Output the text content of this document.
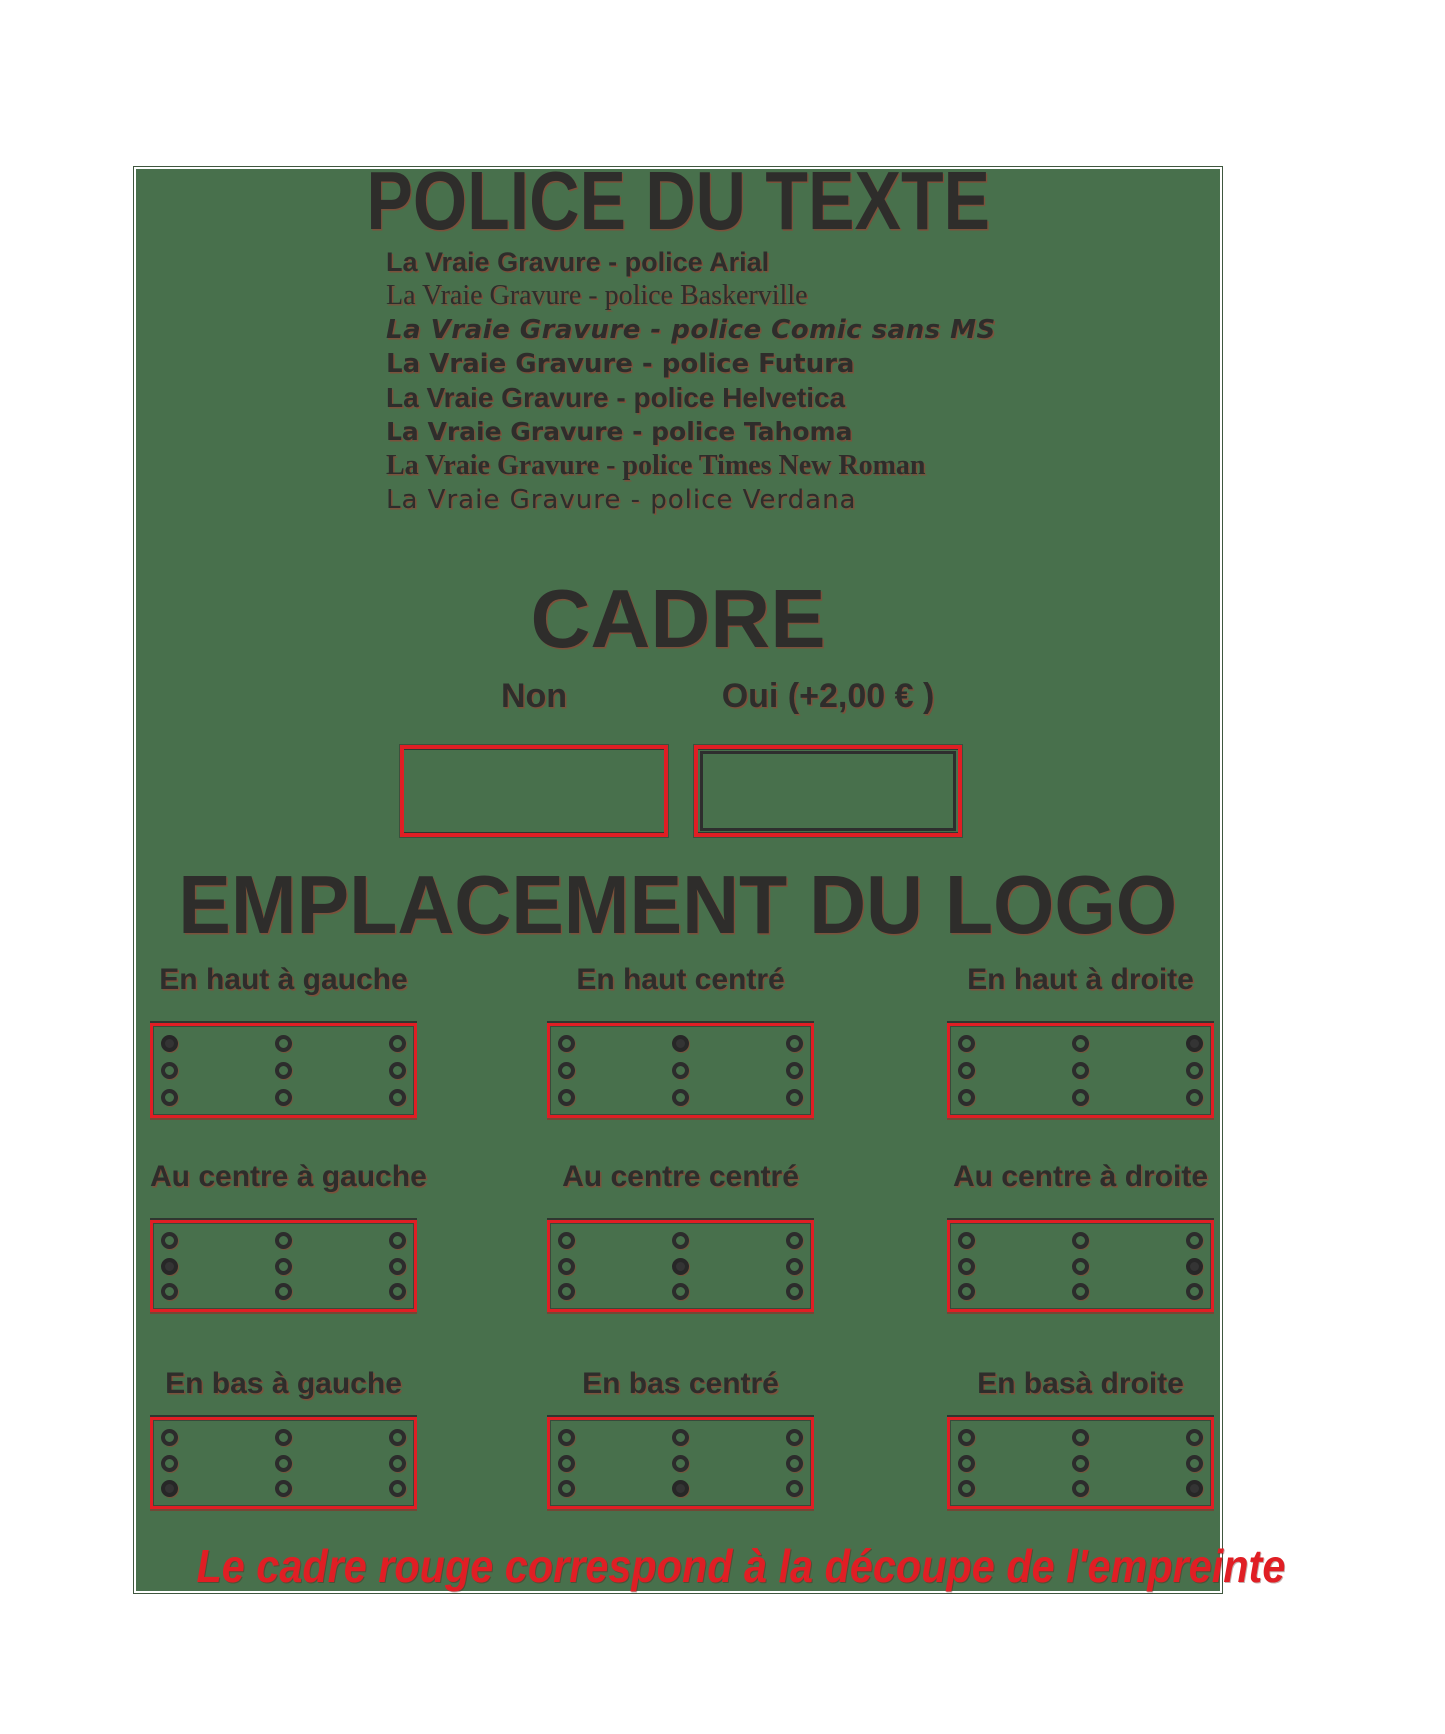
POLICE DU TEXTE
La Vraie Gravure - police Arial
La Vraie Gravure - police Baskerville
La Vraie Gravure - police Comic sans MS
La Vraie Gravure - police Futura
La Vraie Gravure - police Helvetica
La Vraie Gravure - police Tahoma
La Vraie Gravure - police Times New Roman
La Vraie Gravure - police Verdana
CADRE
Non	Oui (+2,00 € )
EMPLACEMENT DU LOGO
En haut à gauche	En haut centré	En haut à droite
Au centre à gauche	Au centre centré	Au centre à droite
En bas à gauche	En bas centré	En basà droite
Le cadre rouge correspond à la découpe de l'empreinte
